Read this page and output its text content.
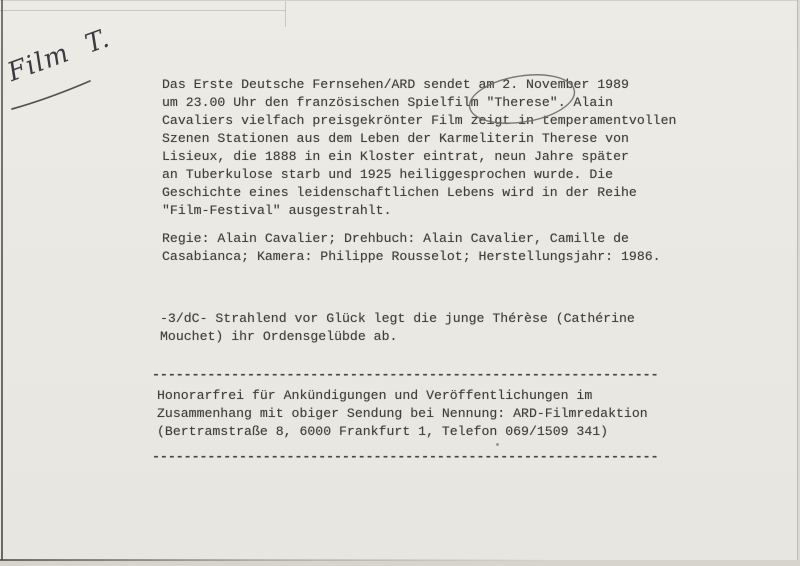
Film T.	Das Erste Deutsche Fernsehen/ARD sendet am 2. November 1989
um 23.00 Uhr den französischen Spielfilm "Therese". Alain
Cavaliers vielfach preisgekrönter Film zeigt in temperamentvollen
Szenen Stationen aus dem Leben der Karmeliterin Therese von
Lisieux, die 1888 in ein Kloster eintrat, neun Jahre später
an Tuberkulose starb und 1925 heiliggesprochen wurde. Die
Geschichte eines leidenschaftlichen Lebens wird in der Reihe
"Film-Festival" ausgestrahlt.
Regie: Alain Cavalier; Drehbuch: Alain Cavalier, Camille de
Casabianca; Kamera: Philippe Rousselot; Herstellungsjahr: 1986.
-3/dC- Strahlend vor Glück legt die junge Thérèse (Cathérine
Mouchet) ihr Ordensgelübde ab.
----------------------------------------------------------------
Honorarfrei für Ankündigungen und Veröffentlichungen im
Zusammenhang mit obiger Sendung bei Nennung: ARD-Filmredaktion
(Bertramstraße 8, 6000 Frankfurt 1, Telefon 069/1509 341)
----------------------------------------------------------------
